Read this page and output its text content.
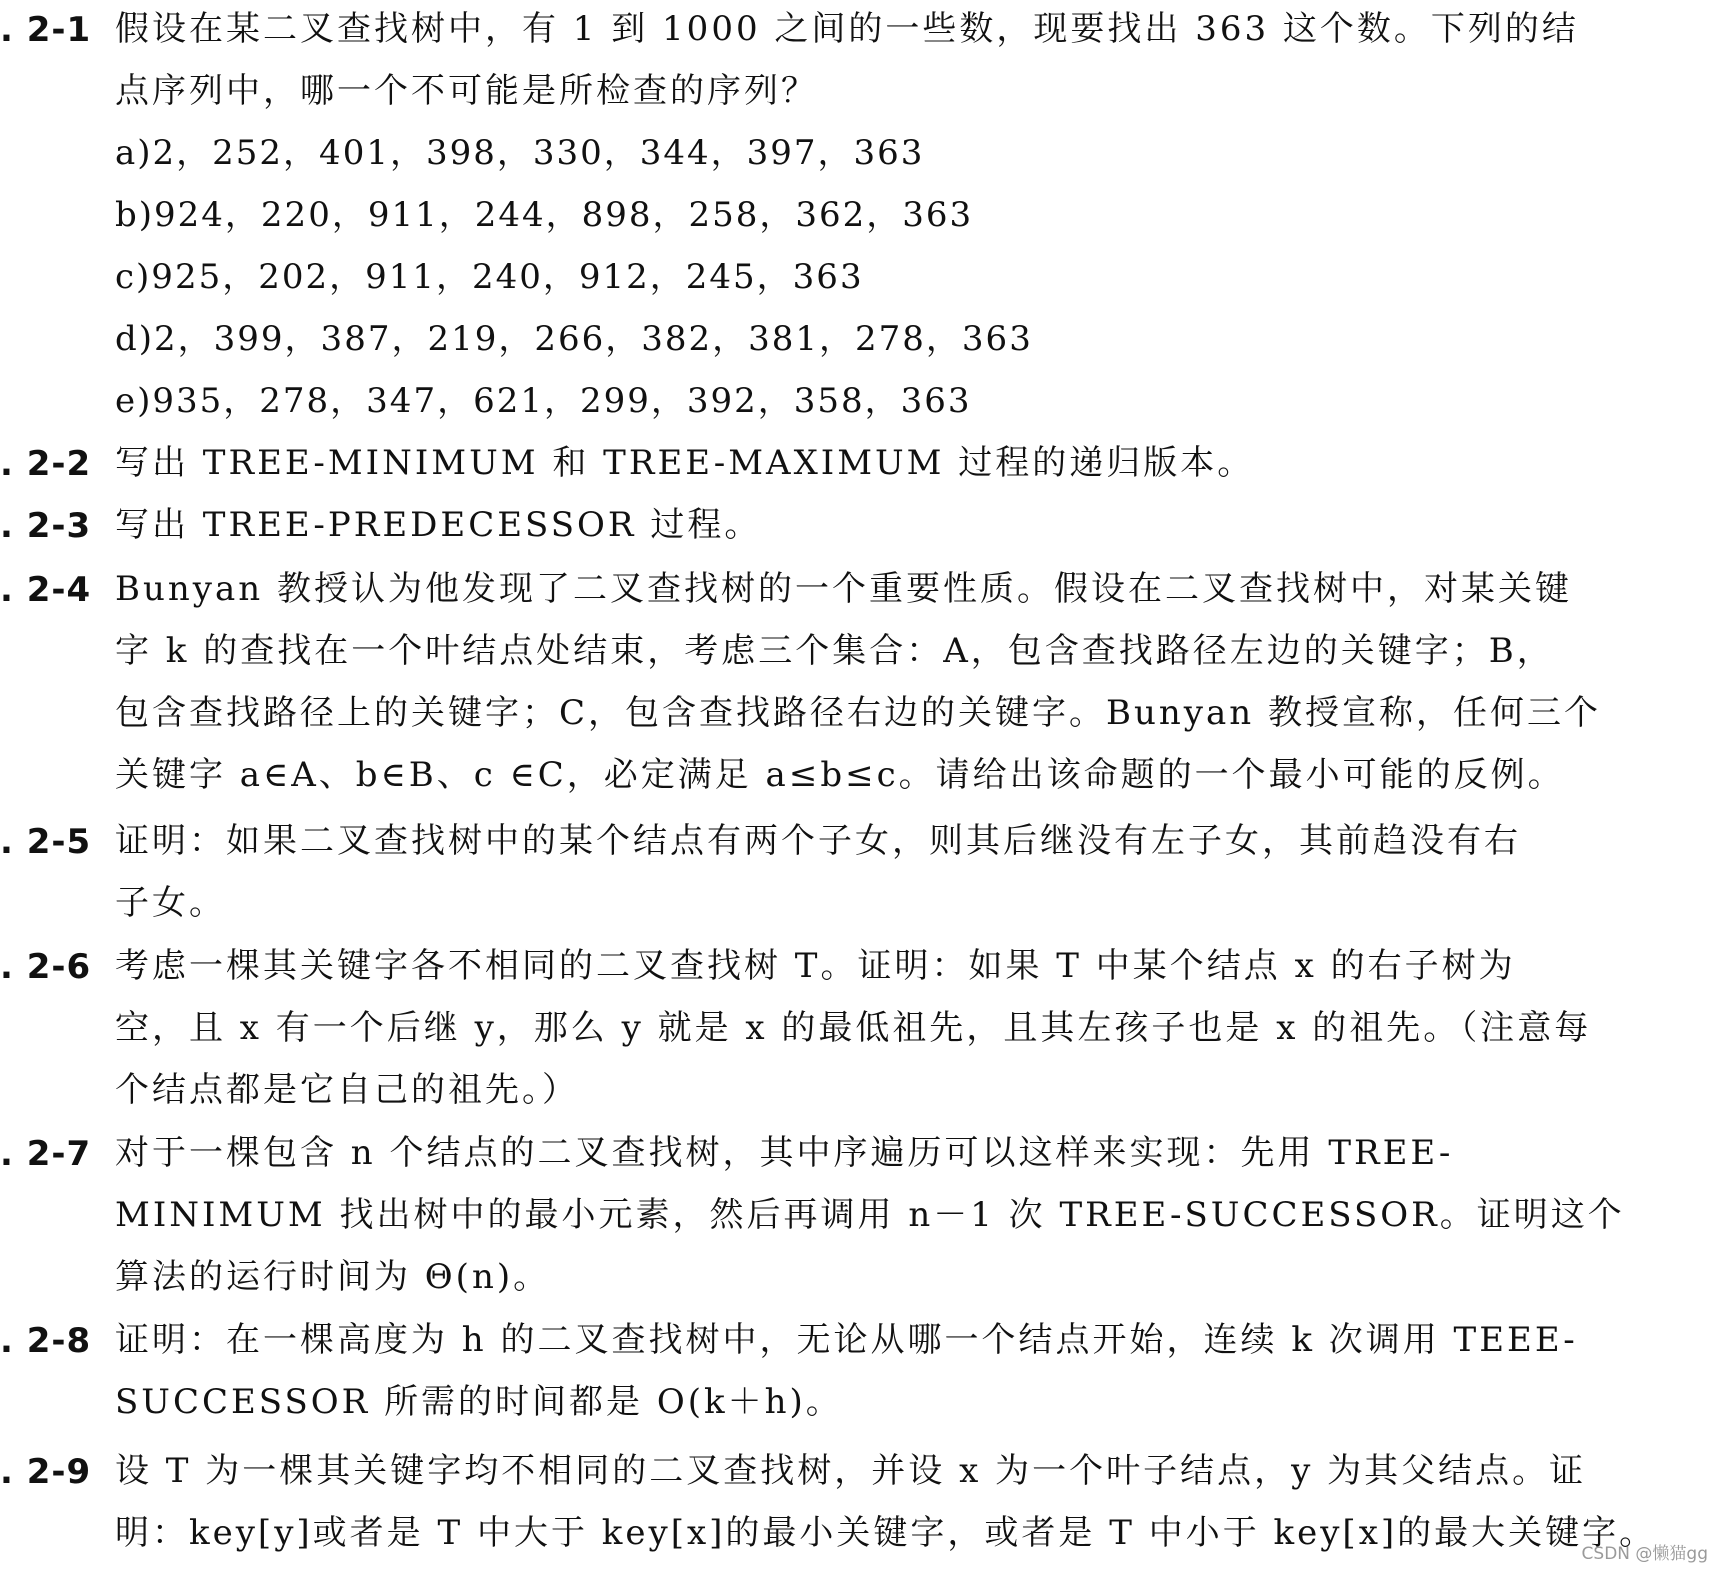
. 2-1 假设在某二叉查找树中，有 1 到 1000 之间的一些数，现要找出 363 这个数。下列的结
点序列中，哪一个不可能是所检查的序列？
a)2，252，401，398，330，344，397，363
b)924，220，911，244，898，258，362，363
c)925，202，911，240，912，245，363
d)2，399，387，219，266，382，381，278，363
e)935，278，347，621，299，392，358，363
. 2-2 写出 TREE-MINIMUM 和 TREE-MAXIMUM 过程的递归版本。
. 2-3 写出 TREE-PREDECESSOR 过程。
. 2-4 Bunyan 教授认为他发现了二叉查找树的一个重要性质。假设在二叉查找树中，对某关键
字 k 的查找在一个叶结点处结束，考虑三个集合：A，包含查找路径左边的关键字；B，
包含查找路径上的关键字；C，包含查找路径右边的关键字。Bunyan 教授宣称，任何三个
关键字 a∈A、b∈B、c ∈C，必定满足 a≤b≤c。请给出该命题的一个最小可能的反例。
. 2-5 证明：如果二叉查找树中的某个结点有两个子女，则其后继没有左子女，其前趋没有右
子女。
. 2-6 考虑一棵其关键字各不相同的二叉查找树 T。证明：如果 T 中某个结点 x 的右子树为
空，且 x 有一个后继 y，那么 y 就是 x 的最低祖先，且其左孩子也是 x 的祖先。（注意每
个结点都是它自己的祖先。）
. 2-7 对于一棵包含 n 个结点的二叉查找树，其中序遍历可以这样来实现：先用 TREE-
MINIMUM 找出树中的最小元素，然后再调用 n－1 次 TREE-SUCCESSOR。证明这个
算法的运行时间为 Θ(n)。
. 2-8 证明：在一棵高度为 h 的二叉查找树中，无论从哪一个结点开始，连续 k 次调用 TEEE-
SUCCESSOR 所需的时间都是 O(k＋h)。
. 2-9 设 T 为一棵其关键字均不相同的二叉查找树，并设 x 为一个叶子结点，y 为其父结点。证
明：key[y]或者是 T 中大于 key[x]的最小关键字，或者是 T 中小于 key[x]的最大关键字。
CSDN @懒猫gg
